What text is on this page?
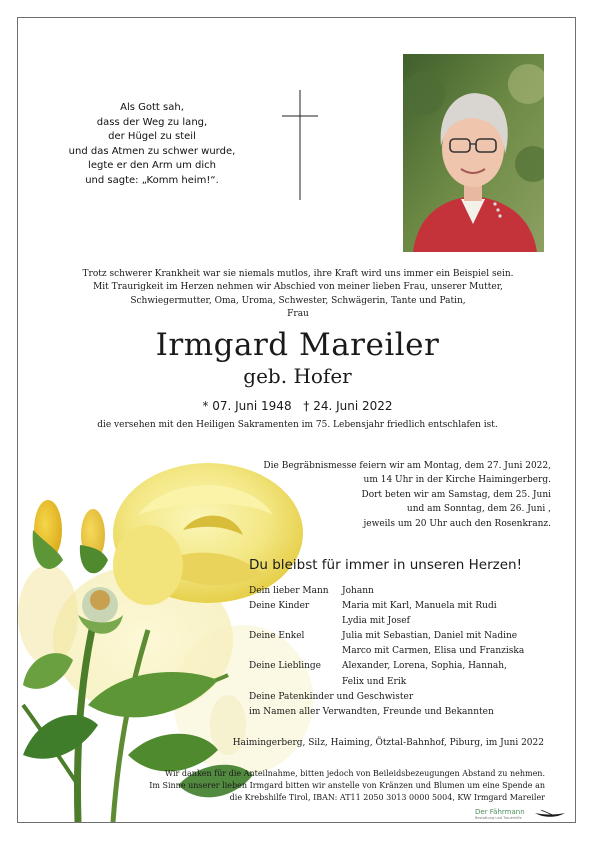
Als Gott sah,
dass der Weg zu lang,
der Hügel zu steil
und das Atmen zu schwer wurde,
legte er den Arm um dich
und sagte: „Komm heim!“.
Trotz schwerer Krankheit war sie niemals mutlos, ihre Kraft wird uns immer ein Beispiel sein.
Mit Traurigkeit im Herzen nehmen wir Abschied von meiner lieben Frau, unserer Mutter,
Schwiegermutter, Oma, Uroma, Schwester, Schwägerin, Tante und Patin,
Frau
Irmgard Mareiler
geb. Hofer
* 07. Juni 1948 † 24. Juni 2022
die versehen mit den Heiligen Sakramenten im 75. Lebensjahr friedlich entschlafen ist.
Die Begräbnismesse feiern wir am Montag, dem 27. Juni 2022,
um 14 Uhr in der Kirche Haimingerberg.
Dort beten wir am Samstag, dem 25. Juni
und am Sonntag, dem 26. Juni ,
jeweils um 20 Uhr auch den Rosenkranz.
Du bleibst für immer in unseren Herzen!
Dein lieber Mann	Johann
Deine Kinder	Maria mit Karl, Manuela mit Rudi
Lydia mit Josef
Deine Enkel	Julia mit Sebastian, Daniel mit Nadine
Marco mit Carmen, Elisa und Franziska
Deine Lieblinge	Alexander, Lorena, Sophia, Hannah,
Felix und Erik
Deine Patenkinder und Geschwister
im Namen aller Verwandten, Freunde und Bekannten
Haimingerberg, Silz, Haiming, Ötztal-Bahnhof, Piburg, im Juni 2022
Wir danken für die Anteilnahme, bitten jedoch von Beileidsbezeugungen Abstand zu nehmen.
Im Sinne unserer lieben Irmgard bitten wir anstelle von Kränzen und Blumen um eine Spende an
die Krebshilfe Tirol, IBAN: AT11 2050 3013 0000 5004, KW Irmgard Mareiler
Der Fährmann
Bestattung und Trauerhilfe
